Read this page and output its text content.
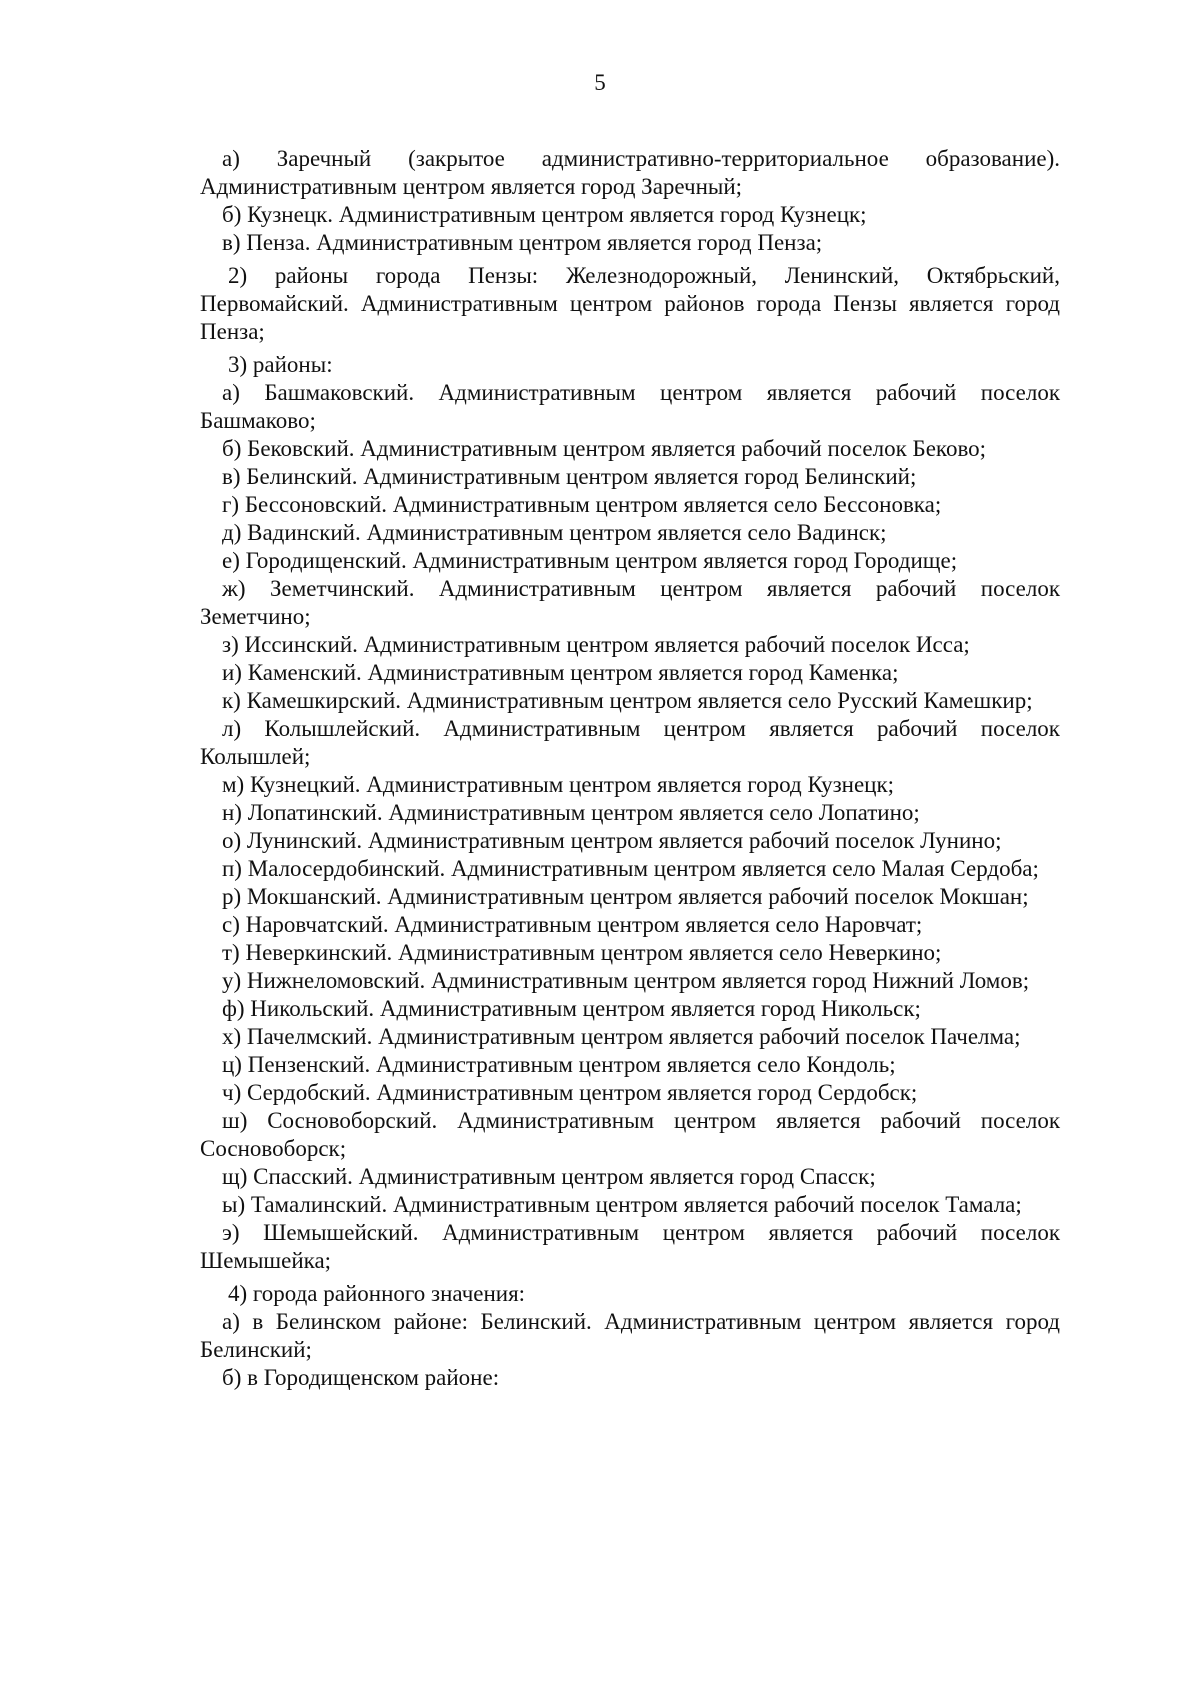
5

а) Заречный (закрытое административно-территориальное образование). Административным центром является город Заречный;

б) Кузнецк. Административным центром является город Кузнецк;

в) Пенза. Административным центром является город Пенза;

2) районы города Пензы: Железнодорожный, Ленинский, Октябрьский, Первомайский. Административным центром районов города Пензы является город Пенза;

3) районы:

а) Башмаковский. Административным центром является рабочий поселок Башмаково;

б) Бековский. Административным центром является рабочий поселок Беково;

в) Белинский. Административным центром является город Белинский;

г) Бессоновский. Административным центром является село Бессоновка;

д) Вадинский. Административным центром является село Вадинск;

е) Городищенский. Административным центром является город Городище;

ж) Земетчинский. Административным центром является рабочий поселок Земетчино;

з) Иссинский. Административным центром является рабочий поселок Исса;

и) Каменский. Административным центром является город Каменка;

к) Камешкирский. Административным центром является село Русский Камешкир;

л) Колышлейский. Административным центром является рабочий поселок Колышлей;

м) Кузнецкий. Административным центром является город Кузнецк;

н) Лопатинский. Административным центром является село Лопатино;

о) Лунинский. Административным центром является рабочий поселок Лунино;

п) Малосердобинский. Административным центром является село Малая Сердоба;

р) Мокшанский. Административным центром является рабочий поселок Мокшан;

с) Наровчатский. Административным центром является село Наровчат;

т) Неверкинский. Административным центром является село Неверкино;

у) Нижнеломовский. Административным центром является город Нижний Ломов;

ф) Никольский. Административным центром является город Никольск;

х) Пачелмский. Административным центром является рабочий поселок Пачелма;

ц) Пензенский. Административным центром является село Кондоль;

ч) Сердобский. Административным центром является город Сердобск;

ш) Сосновоборский. Административным центром является рабочий поселок Сосновоборск;

щ) Спасский. Административным центром является город Спасск;

ы) Тамалинский. Административным центром является рабочий поселок Тамала;

э) Шемышейский. Административным центром является рабочий поселок Шемышейка;

4) города районного значения:

а) в Белинском районе: Белинский. Административным центром является город Белинский;

б) в Городищенском районе:
